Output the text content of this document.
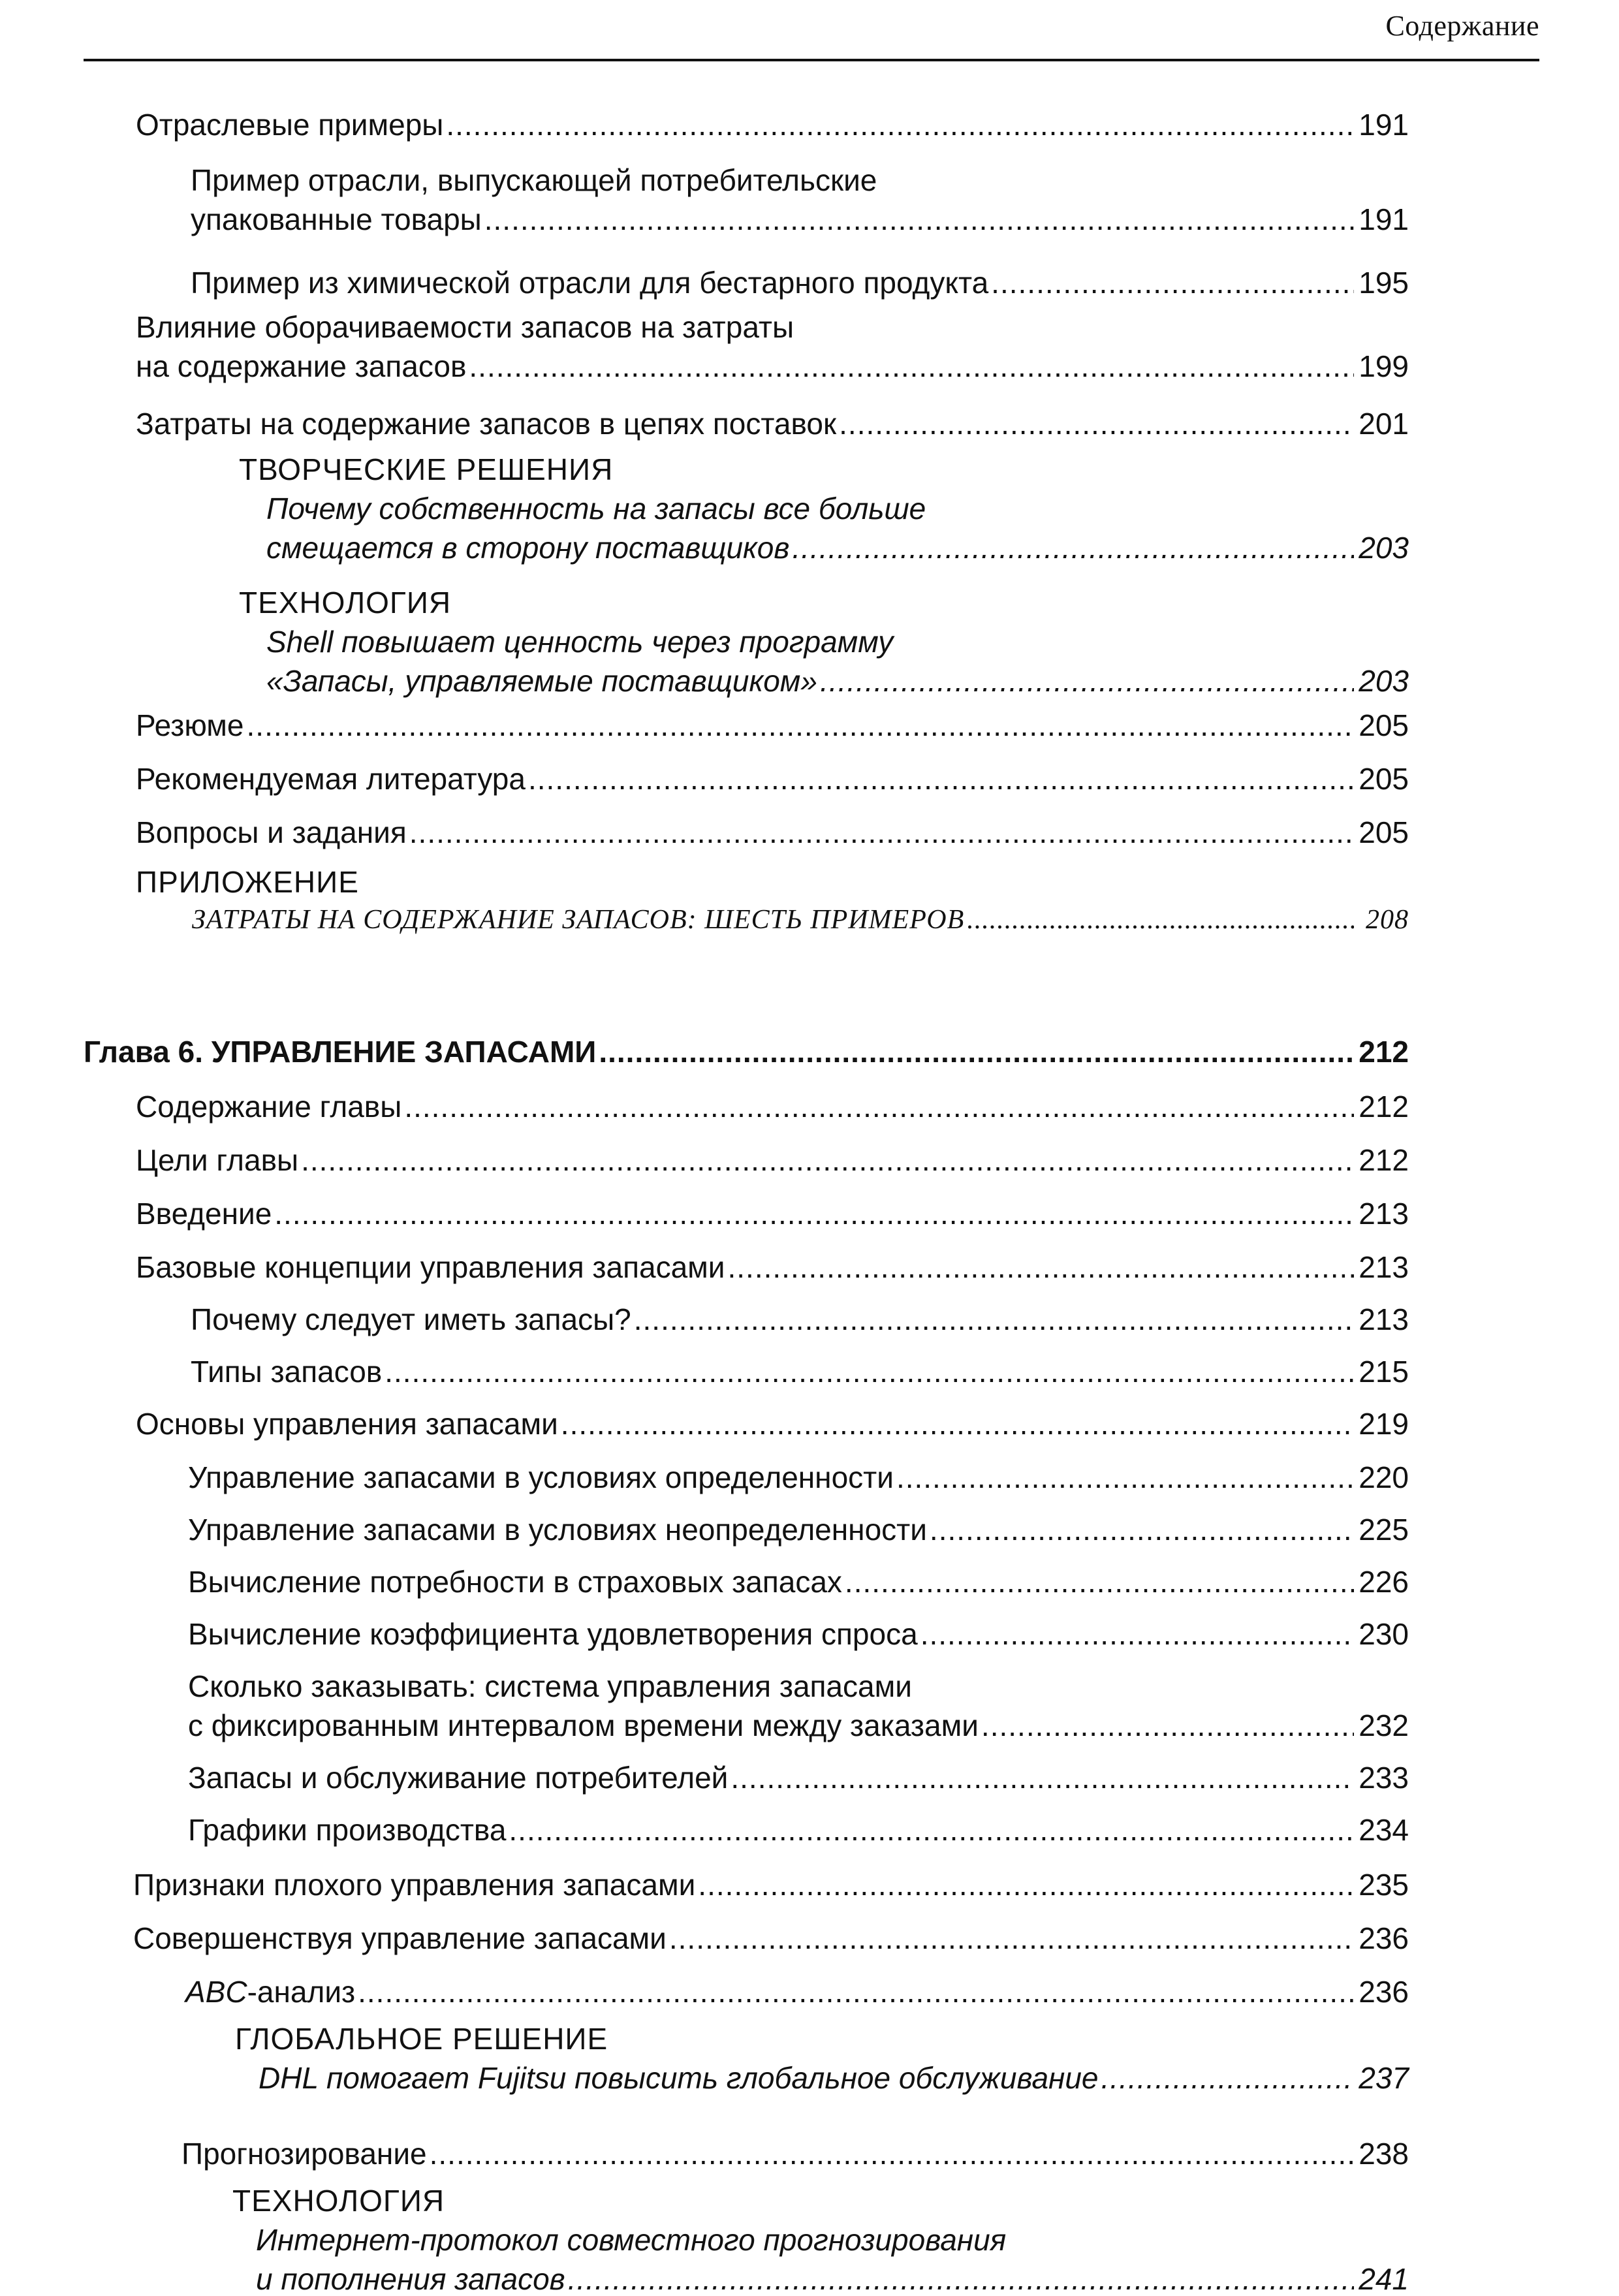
Содержание
Отраслевые примеры .....	191
Пример отрасли, выпускающей потребительские
упакованные товары .....	191
Пример из химической отрасли для бестарного продукта .....	195
Влияние оборачиваемости запасов на затраты
на содержание запасов .....	199
Затраты на содержание запасов в цепях поставок .....	201
ТВОРЧЕСКИЕ РЕШЕНИЯ
Почему собственность на запасы все больше
смещается в сторону поставщиков .....	203
ТЕХНОЛОГИЯ
Shell повышает ценность через программу
«Запасы, управляемые поставщиком» .....	203
Резюме .....	205
Рекомендуемая литература .....	205
Вопросы и задания .....	205
ПРИЛОЖЕНИЕ
ЗАТРАТЫ НА СОДЕРЖАНИЕ ЗАПАСОВ: ШЕСТЬ ПРИМЕРОВ .....	208
Глава 6. УПРАВЛЕНИЕ ЗАПАСАМИ .....	212
Содержание главы .....	212
Цели главы .....	212
Введение .....	213
Базовые концепции управления запасами .....	213
Почему следует иметь запасы? .....	213
Типы запасов .....	215
Основы управления запасами .....	219
Управление запасами в условиях определенности .....	220
Управление запасами в условиях неопределенности .....	225
Вычисление потребности в страховых запасах .....	226
Вычисление коэффициента удовлетворения спроса .....	230
Сколько заказывать: система управления запасами
с фиксированным интервалом времени между заказами .....	232
Запасы и обслуживание потребителей .....	233
Графики производства .....	234
Признаки плохого управления запасами .....	235
Совершенствуя управление запасами .....	236
ABC-анализ .....	236
ГЛОБАЛЬНОЕ РЕШЕНИЕ
DHL помогает Fujitsu повысить глобальное обслуживание .....	237
Прогнозирование .....	238
ТЕХНОЛОГИЯ
Интернет-протокол совместного прогнозирования
и пополнения запасов .....	241
